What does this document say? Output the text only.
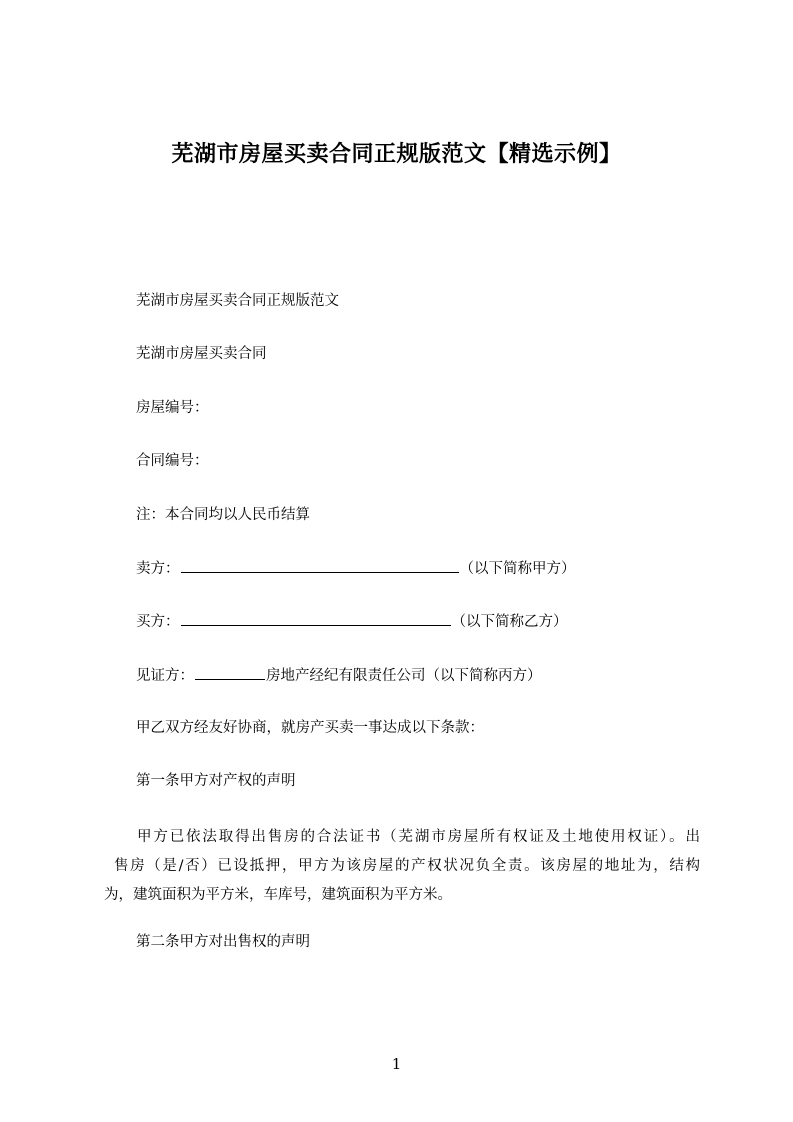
芜湖市房屋买卖合同正规版范文【精选示例】
芜湖市房屋买卖合同正规版范文
芜湖市房屋买卖合同
房屋编号：
合同编号：
注：本合同均以人民币结算
卖方：	（以下简称甲方）
买方：	（以下简称乙方）
见证方：	房地产经纪有限责任公司（以下简称丙方）
甲乙双方经友好协商，就房产买卖一事达成以下条款：
第一条甲方对产权的声明
甲方已依法取得出售房的合法证书（芜湖市房屋所有权证及土地使用权证）。出
售房（是/否）已设抵押，甲方为该房屋的产权状况负全责。该房屋的地址为，结构
为，建筑面积为平方米，车库号，建筑面积为平方米。
第二条甲方对出售权的声明
1
